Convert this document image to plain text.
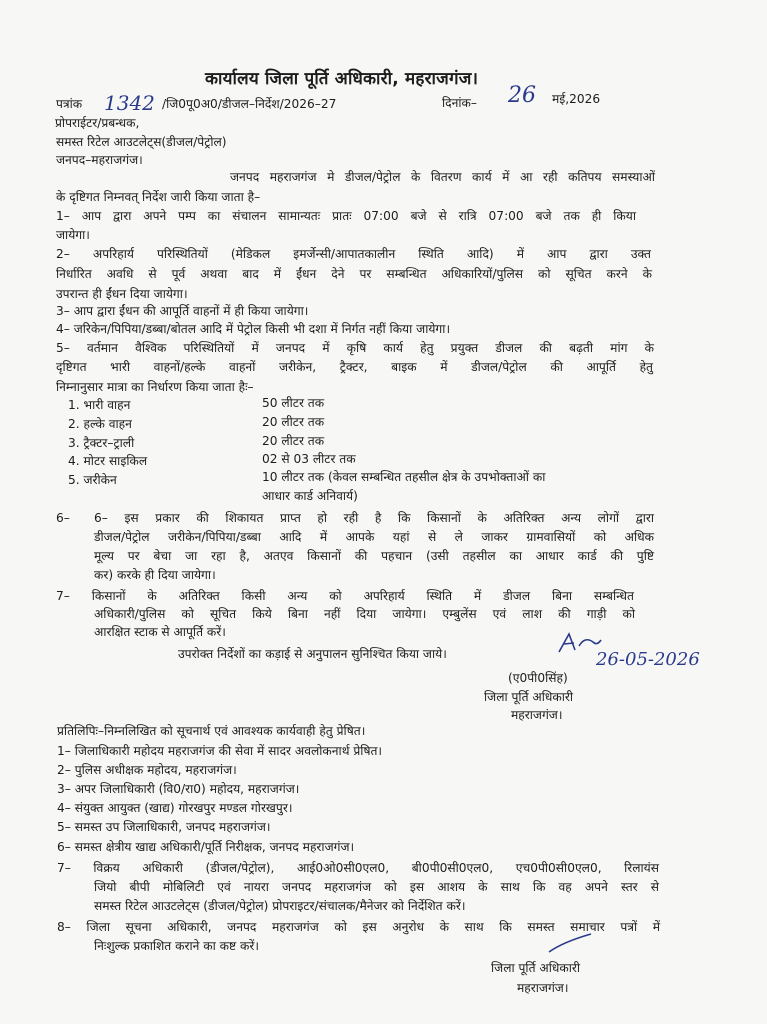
कार्यालय जिला पूर्ति अधिकारी, महराजगंज।
पत्रांक 1342 /जि0पू0अ0/डीजल–निर्देश/2026–27	दिनांक– 26 मई,2026
प्रोपराईटर/प्रबन्धक,
समस्त रिटेल आउटलेट्स(डीजल/पेट्रोल)
जनपद–महराजगंज।
जनपद महराजगंज मे डीजल/पेट्रोल के वितरण कार्य में आ रही कतिपय समस्याओं
के दृष्टिगत निम्नवत् निर्देश जारी किया जाता है–
1– आप द्वारा अपने पम्प का संचालन सामान्यतः प्रातः 07:00 बजे से रात्रि 07:00 बजे तक ही किया
जायेगा।
2– अपरिहार्य परिस्थितियों (मेडिकल इमर्जेन्सी/आपातकालीन स्थिति आदि) में आप द्वारा उक्त
निर्धारित अवधि से पूर्व अथवा बाद में ईंधन देने पर सम्बन्धित अधिकारियों/पुलिस को सूचित करने के
उपरान्त ही ईंधन दिया जायेगा।
3– आप द्वारा ईंधन की आपूर्ति वाहनों में ही किया जायेगा।
4– जरिकेन/पिपिया/डब्बा/बोतल आदि में पेट्रोल किसी भी दशा में निर्गत नहीं किया जायेगा।
5– वर्तमान वैश्विक परिस्थितियों में जनपद में कृषि कार्य हेतु प्रयुक्त डीजल की बढ़ती मांग के
दृष्टिगत भारी वाहनों/हल्के वाहनों जरीकेन, ट्रैक्टर, बाइक में डीजल/पेट्रोल की आपूर्ति हेतु
निम्नानुसार मात्रा का निर्धारण किया जाता हैः–
1. भारी वाहन	50 लीटर तक
2. हल्के वाहन	20 लीटर तक
3. ट्रैक्टर–ट्राली	20 लीटर तक
4. मोटर साइकिल	02 से 03 लीटर तक
5. जरीकेन	10 लीटर तक (केवल सम्बन्धित तहसील क्षेत्र के उपभोक्ताओं का
आधार कार्ड अनिवार्य)
6– 6– इस प्रकार की शिकायत प्राप्त हो रही है कि किसानों के अतिरिक्त अन्य लोगों द्वारा
डीजल/पेट्रोल जरीकेन/पिपिया/डब्बा आदि में आपके यहां से ले जाकर ग्रामवासियों को अधिक
मूल्य पर बेचा जा रहा है, अतएव किसानों की पहचान (उसी तहसील का आधार कार्ड की पुष्टि
कर) करके ही दिया जायेगा।
7– किसानों के अतिरिक्त किसी अन्य को अपरिहार्य स्थिति में डीजल बिना सम्बन्धित
अधिकारी/पुलिस को सूचित किये बिना नहीं दिया जायेगा। एम्बुलेंस एवं लाश की गाड़ी को
आरक्षित स्टाक से आपूर्ति करें।
उपरोक्त निर्देशों का कड़ाई से अनुपालन सुनिश्चित किया जाये।	26-05-2026
(ए0पी0सिंह)
जिला पूर्ति अधिकारी
महराजगंज।
प्रतिलिपिः–निम्नलिखित को सूचनार्थ एवं आवश्यक कार्यवाही हेतु प्रेषित।
1– जिलाधिकारी महोदय महराजगंज की सेवा में सादर अवलोकनार्थ प्रेषित।
2– पुलिस अधीक्षक महोदय, महराजगंज।
3– अपर जिलाधिकारी (वि0/रा0) महोदय, महराजगंज।
4– संयुक्त आयुक्त (खाद्य) गोरखपुर मण्डल गोरखपुर।
5– समस्त उप जिलाधिकारी, जनपद महराजगंज।
6– समस्त क्षेत्रीय खाद्य अधिकारी/पूर्ति निरीक्षक, जनपद महराजगंज।
7– विक्रय अधिकारी (डीजल/पेट्रोल), आई0ओ0सी0एल0, बी0पी0सी0एल0, एच0पी0सी0एल0, रिलायंस
जियो बीपी मोबिलिटी एवं नायरा जनपद महराजगंज को इस आशय के साथ कि वह अपने स्तर से
समस्त रिटेल आउटलेट्स (डीजल/पेट्रोल) प्रोपराइटर/संचालक/मैनेजर को निर्देशित करें।
8– जिला सूचना अधिकारी, जनपद महराजगंज को इस अनुरोध के साथ कि समस्त समाचार पत्रों में
निःशुल्क प्रकाशित कराने का कष्ट करें।
जिला पूर्ति अधिकारी
महराजगंज।
